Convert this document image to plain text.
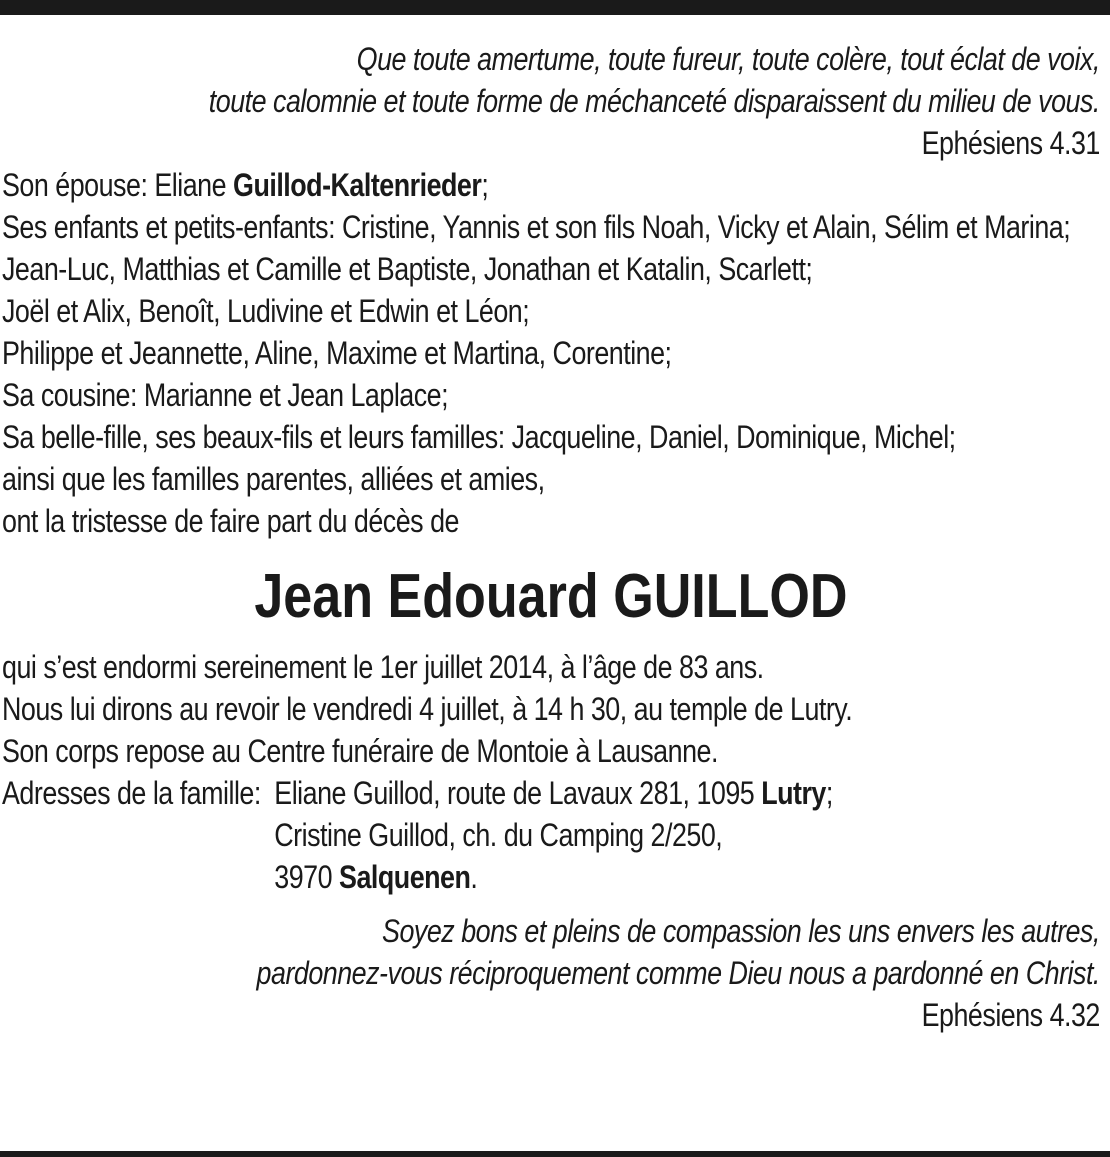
Que toute amertume, toute fureur, toute colère, tout éclat de voix,
toute calomnie et toute forme de méchanceté disparaissent du milieu de vous.
Ephésiens 4.31
Son épouse: Eliane Guillod-Kaltenrieder;
Ses enfants et petits-enfants: Cristine, Yannis et son fils Noah, Vicky et Alain, Sélim et Marina;
Jean-Luc, Matthias et Camille et Baptiste, Jonathan et Katalin, Scarlett;
Joël et Alix, Benoît, Ludivine et Edwin et Léon;
Philippe et Jeannette, Aline, Maxime et Martina, Corentine;
Sa cousine: Marianne et Jean Laplace;
Sa belle-fille, ses beaux-fils et leurs familles: Jacqueline, Daniel, Dominique, Michel;
ainsi que les familles parentes, alliées et amies,
ont la tristesse de faire part du décès de
Jean Edouard GUILLOD
qui s’est endormi sereinement le 1er juillet 2014, à l’âge de 83 ans.
Nous lui dirons au revoir le vendredi 4 juillet, à 14 h 30, au temple de Lutry.
Son corps repose au Centre funéraire de Montoie à Lausanne.
Adresses de la famille: Eliane Guillod, route de Lavaux 281, 1095 Lutry;
Cristine Guillod, ch. du Camping 2/250,
3970 Salquenen.
Soyez bons et pleins de compassion les uns envers les autres,
pardonnez-vous réciproquement comme Dieu nous a pardonné en Christ.
Ephésiens 4.32
